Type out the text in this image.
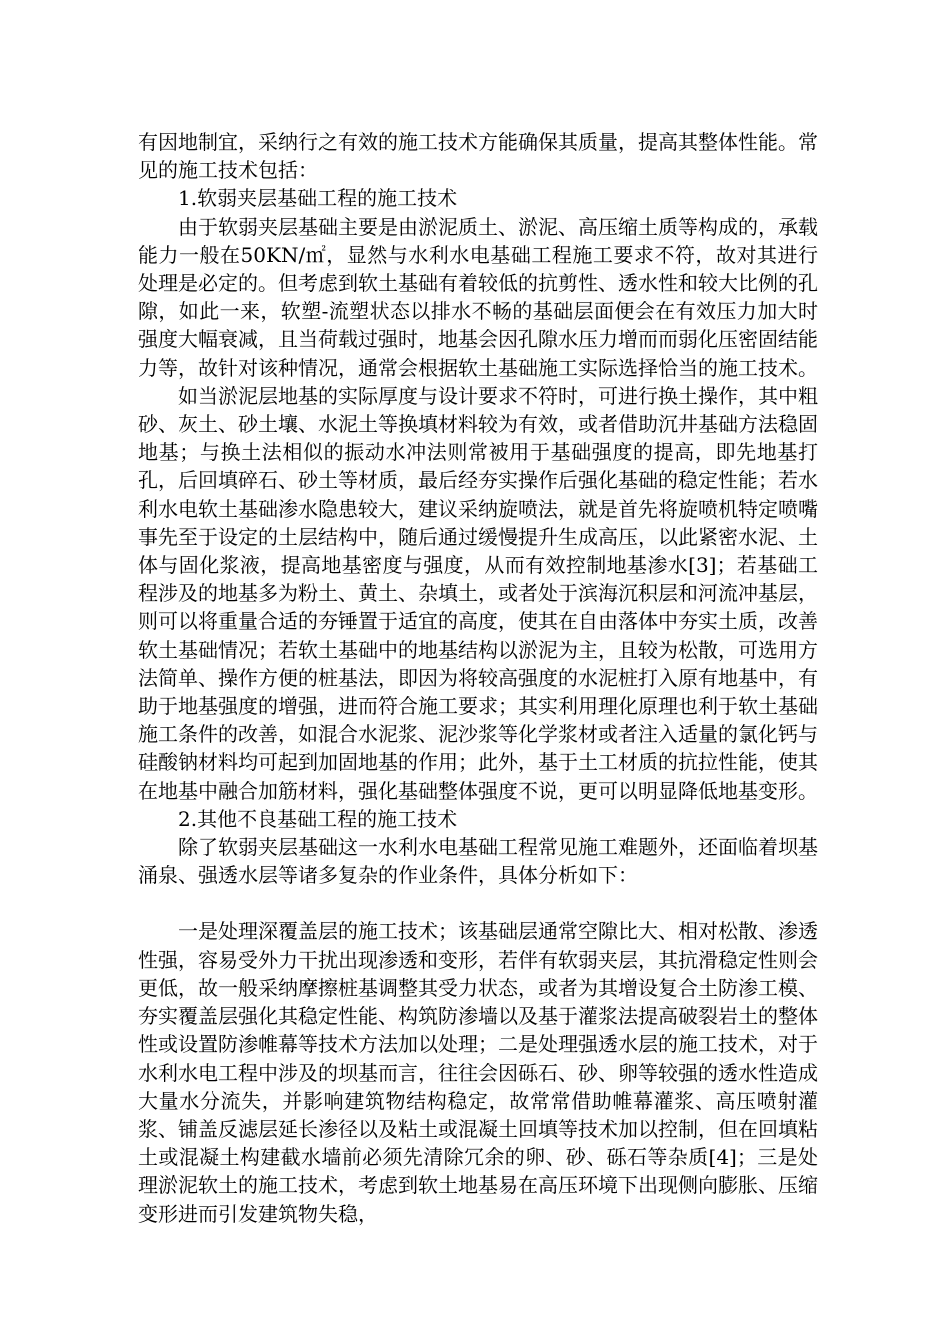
有因地制宜，采纳行之有效的施工技术方能确保其质量，提高其整体性能。常见的施工技术包括：

1.软弱夹层基础工程的施工技术

由于软弱夹层基础主要是由淤泥质土、淤泥、高压缩土质等构成的，承载能力一般在50KN/㎡，显然与水利水电基础工程施工要求不符，故对其进行处理是必定的。但考虑到软土基础有着较低的抗剪性、透水性和较大比例的孔隙，如此一来，软塑-流塑状态以排水不畅的基础层面便会在有效压力加大时强度大幅衰减，且当荷载过强时，地基会因孔隙水压力增而而弱化压密固结能力等，故针对该种情况，通常会根据软土基础施工实际选择恰当的施工技术。

如当淤泥层地基的实际厚度与设计要求不符时，可进行换土操作，其中粗砂、灰土、砂土壤、水泥土等换填材料较为有效，或者借助沉井基础方法稳固地基；与换土法相似的振动水冲法则常被用于基础强度的提高，即先地基打孔，后回填碎石、砂土等材质，最后经夯实操作后强化基础的稳定性能；若水利水电软土基础渗水隐患较大，建议采纳旋喷法，就是首先将旋喷机特定喷嘴事先至于设定的土层结构中，随后通过缓慢提升生成高压，以此紧密水泥、土体与固化浆液，提高地基密度与强度，从而有效控制地基渗水[3]；若基础工程涉及的地基多为粉土、黄土、杂填土，或者处于滨海沉积层和河流冲基层，则可以将重量合适的夯锤置于适宜的高度，使其在自由落体中夯实土质，改善软土基础情况；若软土基础中的地基结构以淤泥为主，且较为松散，可选用方法简单、操作方便的桩基法，即因为将较高强度的水泥桩打入原有地基中，有助于地基强度的增强，进而符合施工要求；其实利用理化原理也利于软土基础施工条件的改善，如混合水泥浆、泥沙浆等化学浆材或者注入适量的氯化钙与硅酸钠材料均可起到加固地基的作用；此外，基于土工材质的抗拉性能，使其在地基中融合加筋材料，强化基础整体强度不说，更可以明显降低地基变形。

2.其他不良基础工程的施工技术

除了软弱夹层基础这一水利水电基础工程常见施工难题外，还面临着坝基涌泉、强透水层等诸多复杂的作业条件，具体分析如下：

一是处理深覆盖层的施工技术；该基础层通常空隙比大、相对松散、渗透性强，容易受外力干扰出现渗透和变形，若伴有软弱夹层，其抗滑稳定性则会更低，故一般采纳摩擦桩基调整其受力状态，或者为其增设复合土防渗工模、夯实覆盖层强化其稳定性能、构筑防渗墙以及基于灌浆法提高破裂岩土的整体性或设置防渗帷幕等技术方法加以处理；二是处理强透水层的施工技术，对于水利水电工程中涉及的坝基而言，往往会因砾石、砂、卵等较强的透水性造成大量水分流失，并影响建筑物结构稳定，故常常借助帷幕灌浆、高压喷射灌浆、铺盖反滤层延长渗径以及粘土或混凝土回填等技术加以控制，但在回填粘土或混凝土构建截水墙前必须先清除冗余的卵、砂、砾石等杂质[4]；三是处理淤泥软土的施工技术，考虑到软土地基易在高压环境下出现侧向膨胀、压缩变形进而引发建筑物失稳，
